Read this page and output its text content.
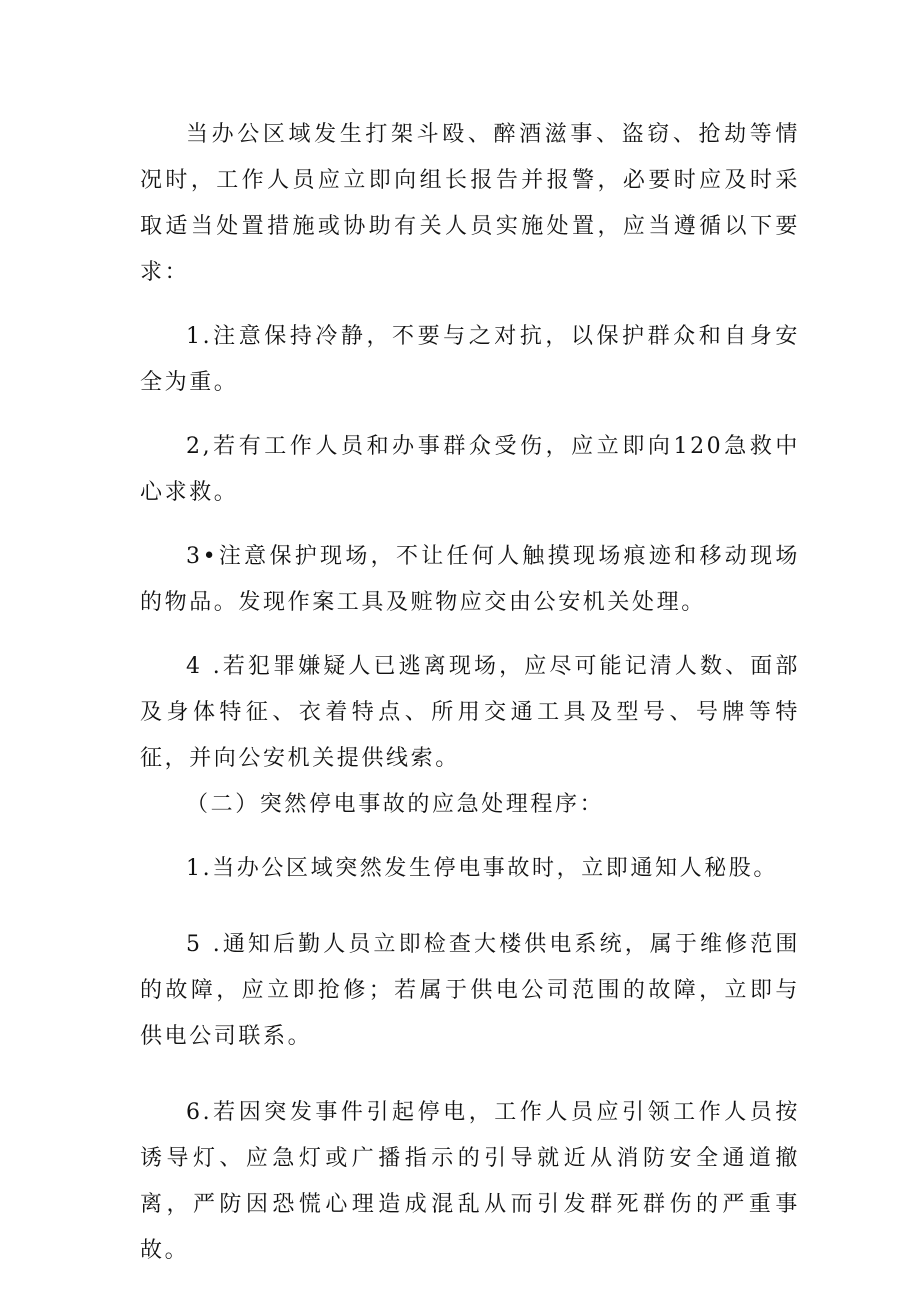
当办公区域发生打架斗殴、醉酒滋事、盗窃、抢劫等情况时，工作人员应立即向组长报告并报警，必要时应及时采取适当处置措施或协助有关人员实施处置，应当遵循以下要求：

1.注意保持冷静，不要与之对抗，以保护群众和自身安全为重。

2,若有工作人员和办事群众受伤，应立即向120急救中心求救。

3•注意保护现场，不让任何人触摸现场痕迹和移动现场的物品。发现作案工具及赃物应交由公安机关处理。

4 .若犯罪嫌疑人已逃离现场，应尽可能记清人数、面部及身体特征、衣着特点、所用交通工具及型号、号牌等特征，并向公安机关提供线索。

（二）突然停电事故的应急处理程序：

1.当办公区域突然发生停电事故时，立即通知人秘股。

5 .通知后勤人员立即检查大楼供电系统，属于维修范围的故障，应立即抢修；若属于供电公司范围的故障，立即与供电公司联系。

6.若因突发事件引起停电，工作人员应引领工作人员按诱导灯、应急灯或广播指示的引导就近从消防安全通道撤离，严防因恐慌心理造成混乱从而引发群死群伤的严重事故。
